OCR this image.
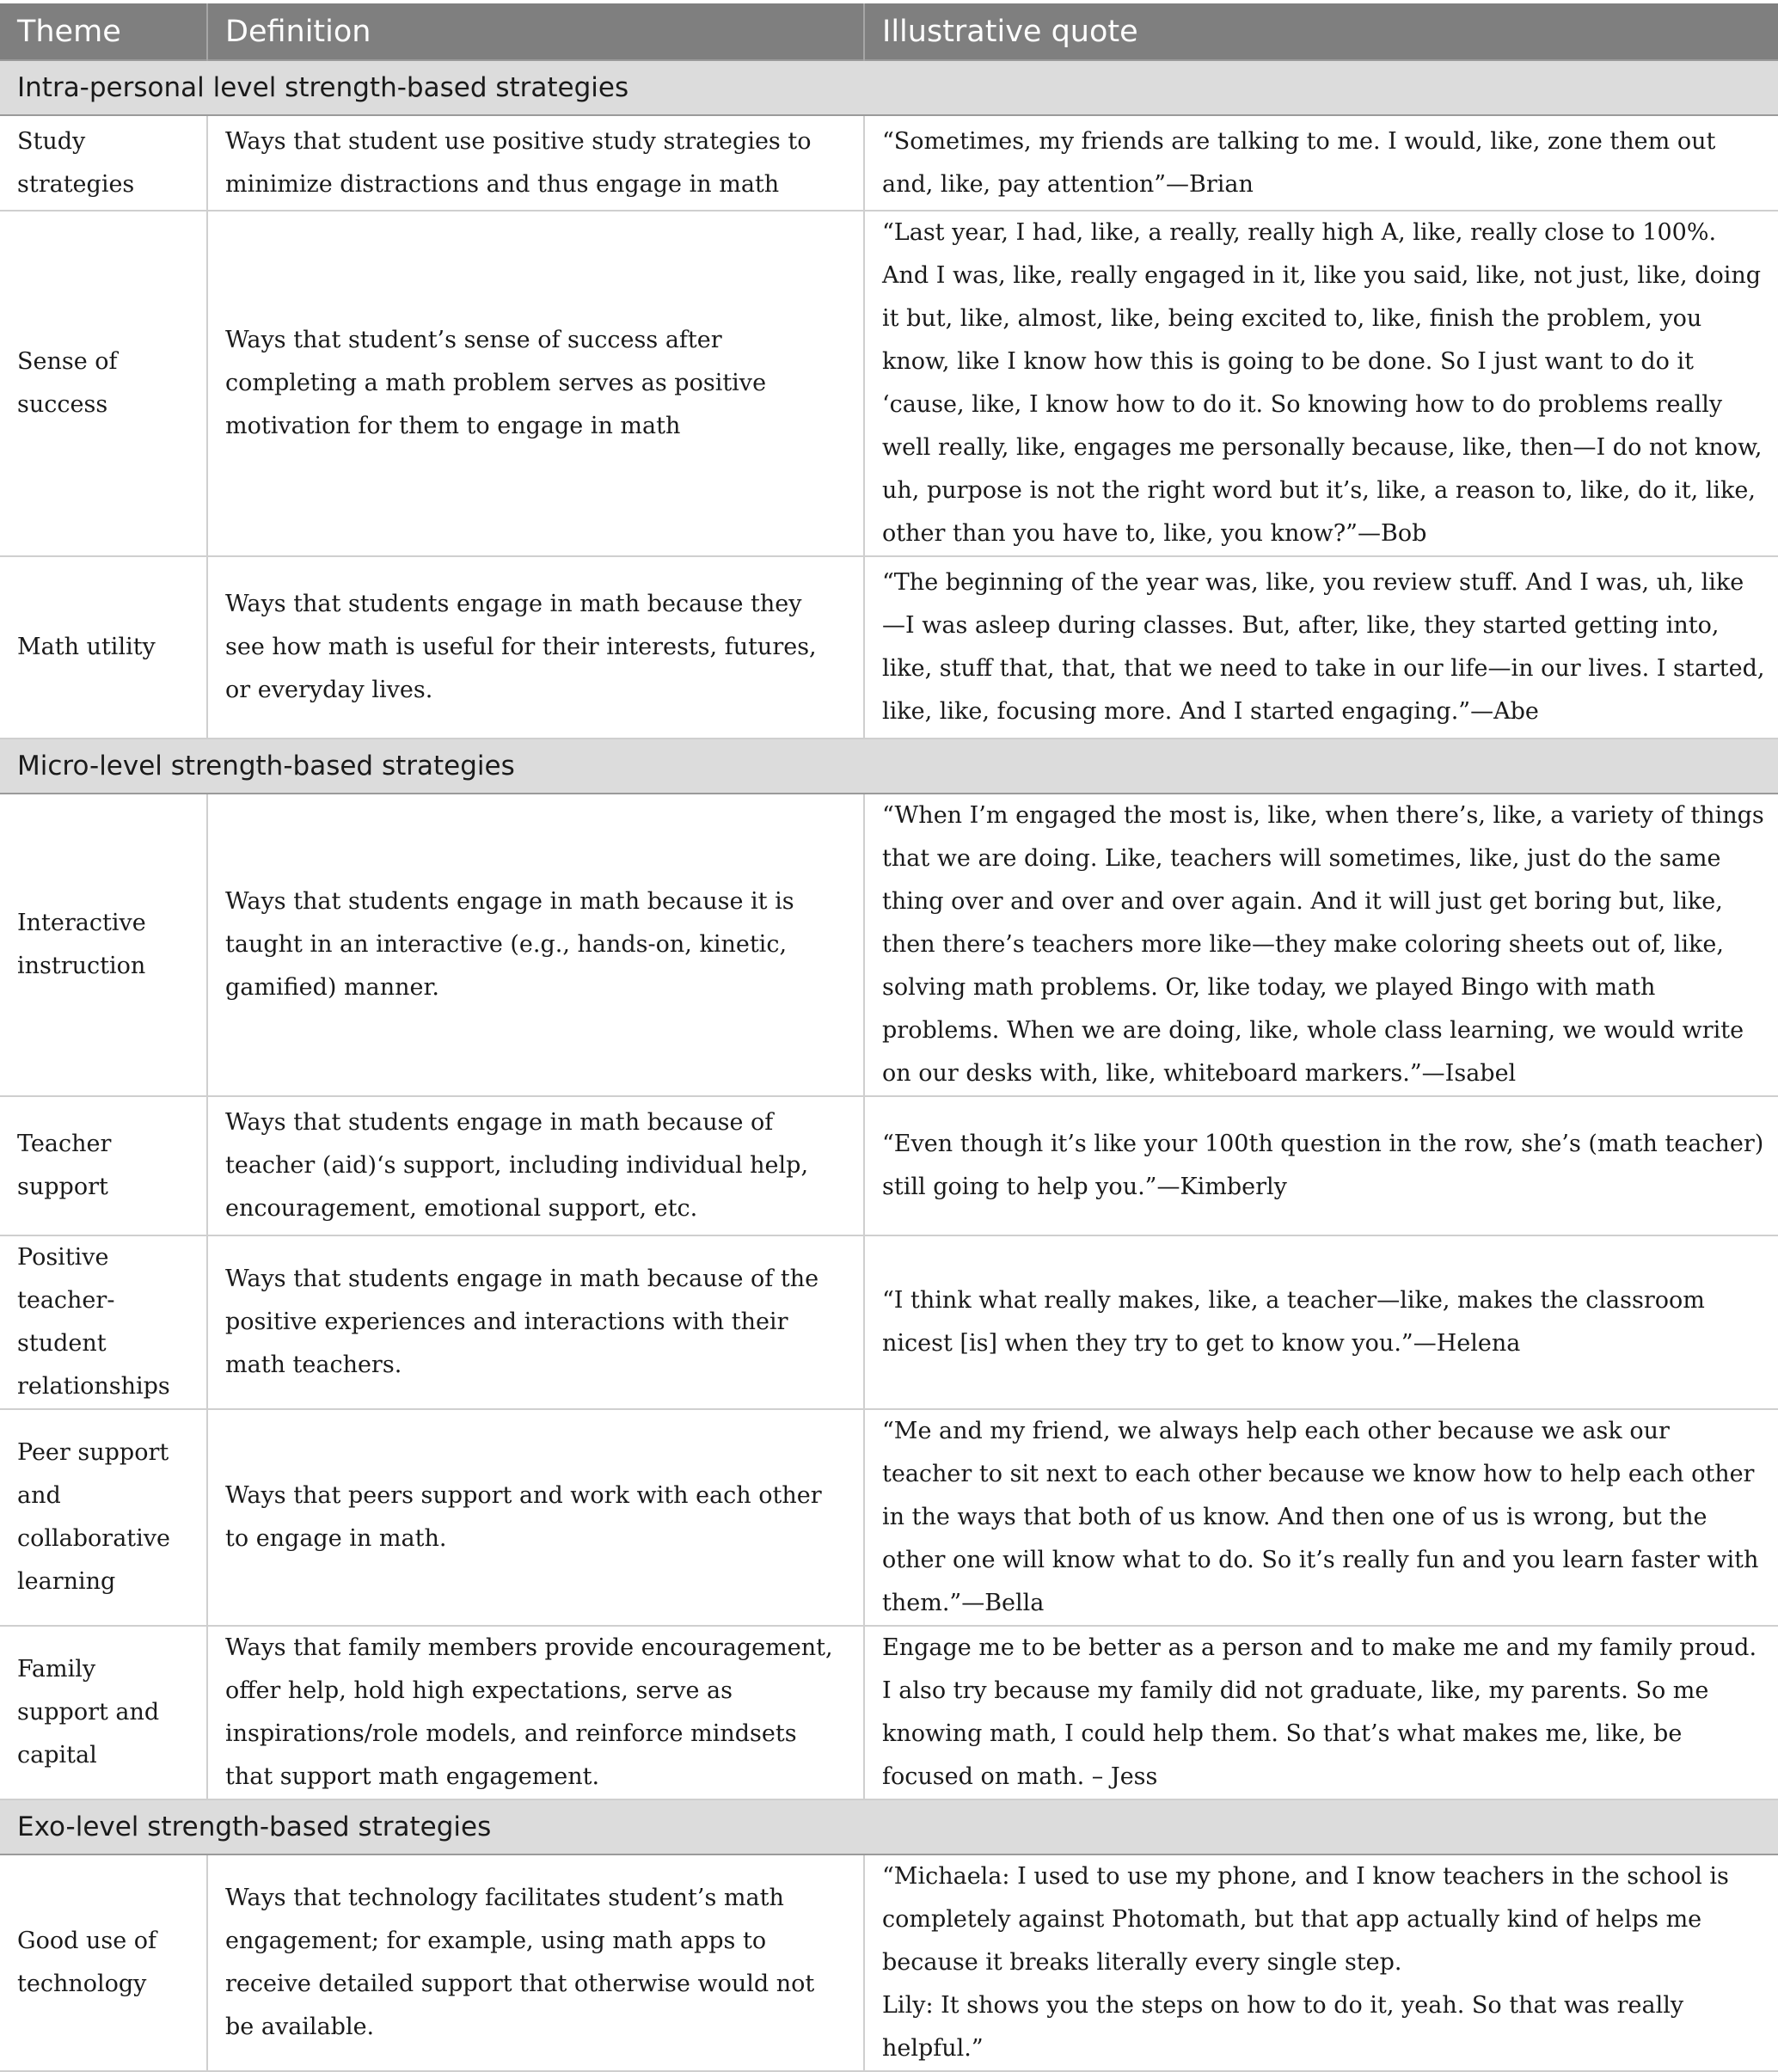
Theme	Definition	Illustrative quote
Intra-personal level strength-based strategies		
Study strategies	Ways that student use positive study strategies to minimize distractions and thus engage in math	“Sometimes, my friends are talking to me. I would, like, zone them out and, like, pay attention”—Brian
Sense of success	Ways that student’s sense of success after completing a math problem serves as positive motivation for them to engage in math	“Last year, I had, like, a really, really high A, like, really close to 100%. And I was, like, really engaged in it, like you said, like, not just, like, doing it but, like, almost, like, being excited to, like, finish the problem, you know, like I know how this is going to be done. So I just want to do it ‘cause, like, I know how to do it. So knowing how to do problems really well really, like, engages me personally because, like, then—I do not know, uh, purpose is not the right word but it’s, like, a reason to, like, do it, like, other than you have to, like, you know?”—Bob
Math utility	Ways that students engage in math because they see how math is useful for their interests, futures, or everyday lives.	“The beginning of the year was, like, you review stuff. And I was, uh, like—I was asleep during classes. But, after, like, they started getting into, like, stuff that, that, that we need to take in our life—in our lives. I started, like, like, focusing more. And I started engaging.”—Abe
Micro-level strength-based strategies		
Interactive instruction	Ways that students engage in math because it is taught in an interactive (e.g., hands-on, kinetic, gamified) manner.	“When I’m engaged the most is, like, when there’s, like, a variety of things that we are doing. Like, teachers will sometimes, like, just do the same thing over and over and over again. And it will just get boring but, like, then there’s teachers more like—they make coloring sheets out of, like, solving math problems. Or, like today, we played Bingo with math problems. When we are doing, like, whole class learning, we would write on our desks with, like, whiteboard markers.”—Isabel
Teacher support	Ways that students engage in math because of teacher (aid)‘s support, including individual help, encouragement, emotional support, etc.	“Even though it’s like your 100th question in the row, she’s (math teacher) still going to help you.”—Kimberly
Positive teacher-student relationships	Ways that students engage in math because of the positive experiences and interactions with their math teachers.	“I think what really makes, like, a teacher—like, makes the classroom nicest [is] when they try to get to know you.”—Helena
Peer support and collaborative learning	Ways that peers support and work with each other to engage in math.	“Me and my friend, we always help each other because we ask our teacher to sit next to each other because we know how to help each other in the ways that both of us know. And then one of us is wrong, but the other one will know what to do. So it’s really fun and you learn faster with them.”—Bella
Family support and capital	Ways that family members provide encouragement, offer help, hold high expectations, serve as inspirations/role models, and reinforce mindsets that support math engagement.	Engage me to be better as a person and to make me and my family proud. I also try because my family did not graduate, like, my parents. So me knowing math, I could help them. So that’s what makes me, like, be focused on math. – Jess
Exo-level strength-based strategies		
Good use of technology	Ways that technology facilitates student’s math engagement; for example, using math apps to receive detailed support that otherwise would not be available.	“Michaela: I used to use my phone, and I know teachers in the school is completely against Photomath, but that app actually kind of helps me because it breaks literally every single step.
Lily: It shows you the steps on how to do it, yeah. So that was really helpful.”
